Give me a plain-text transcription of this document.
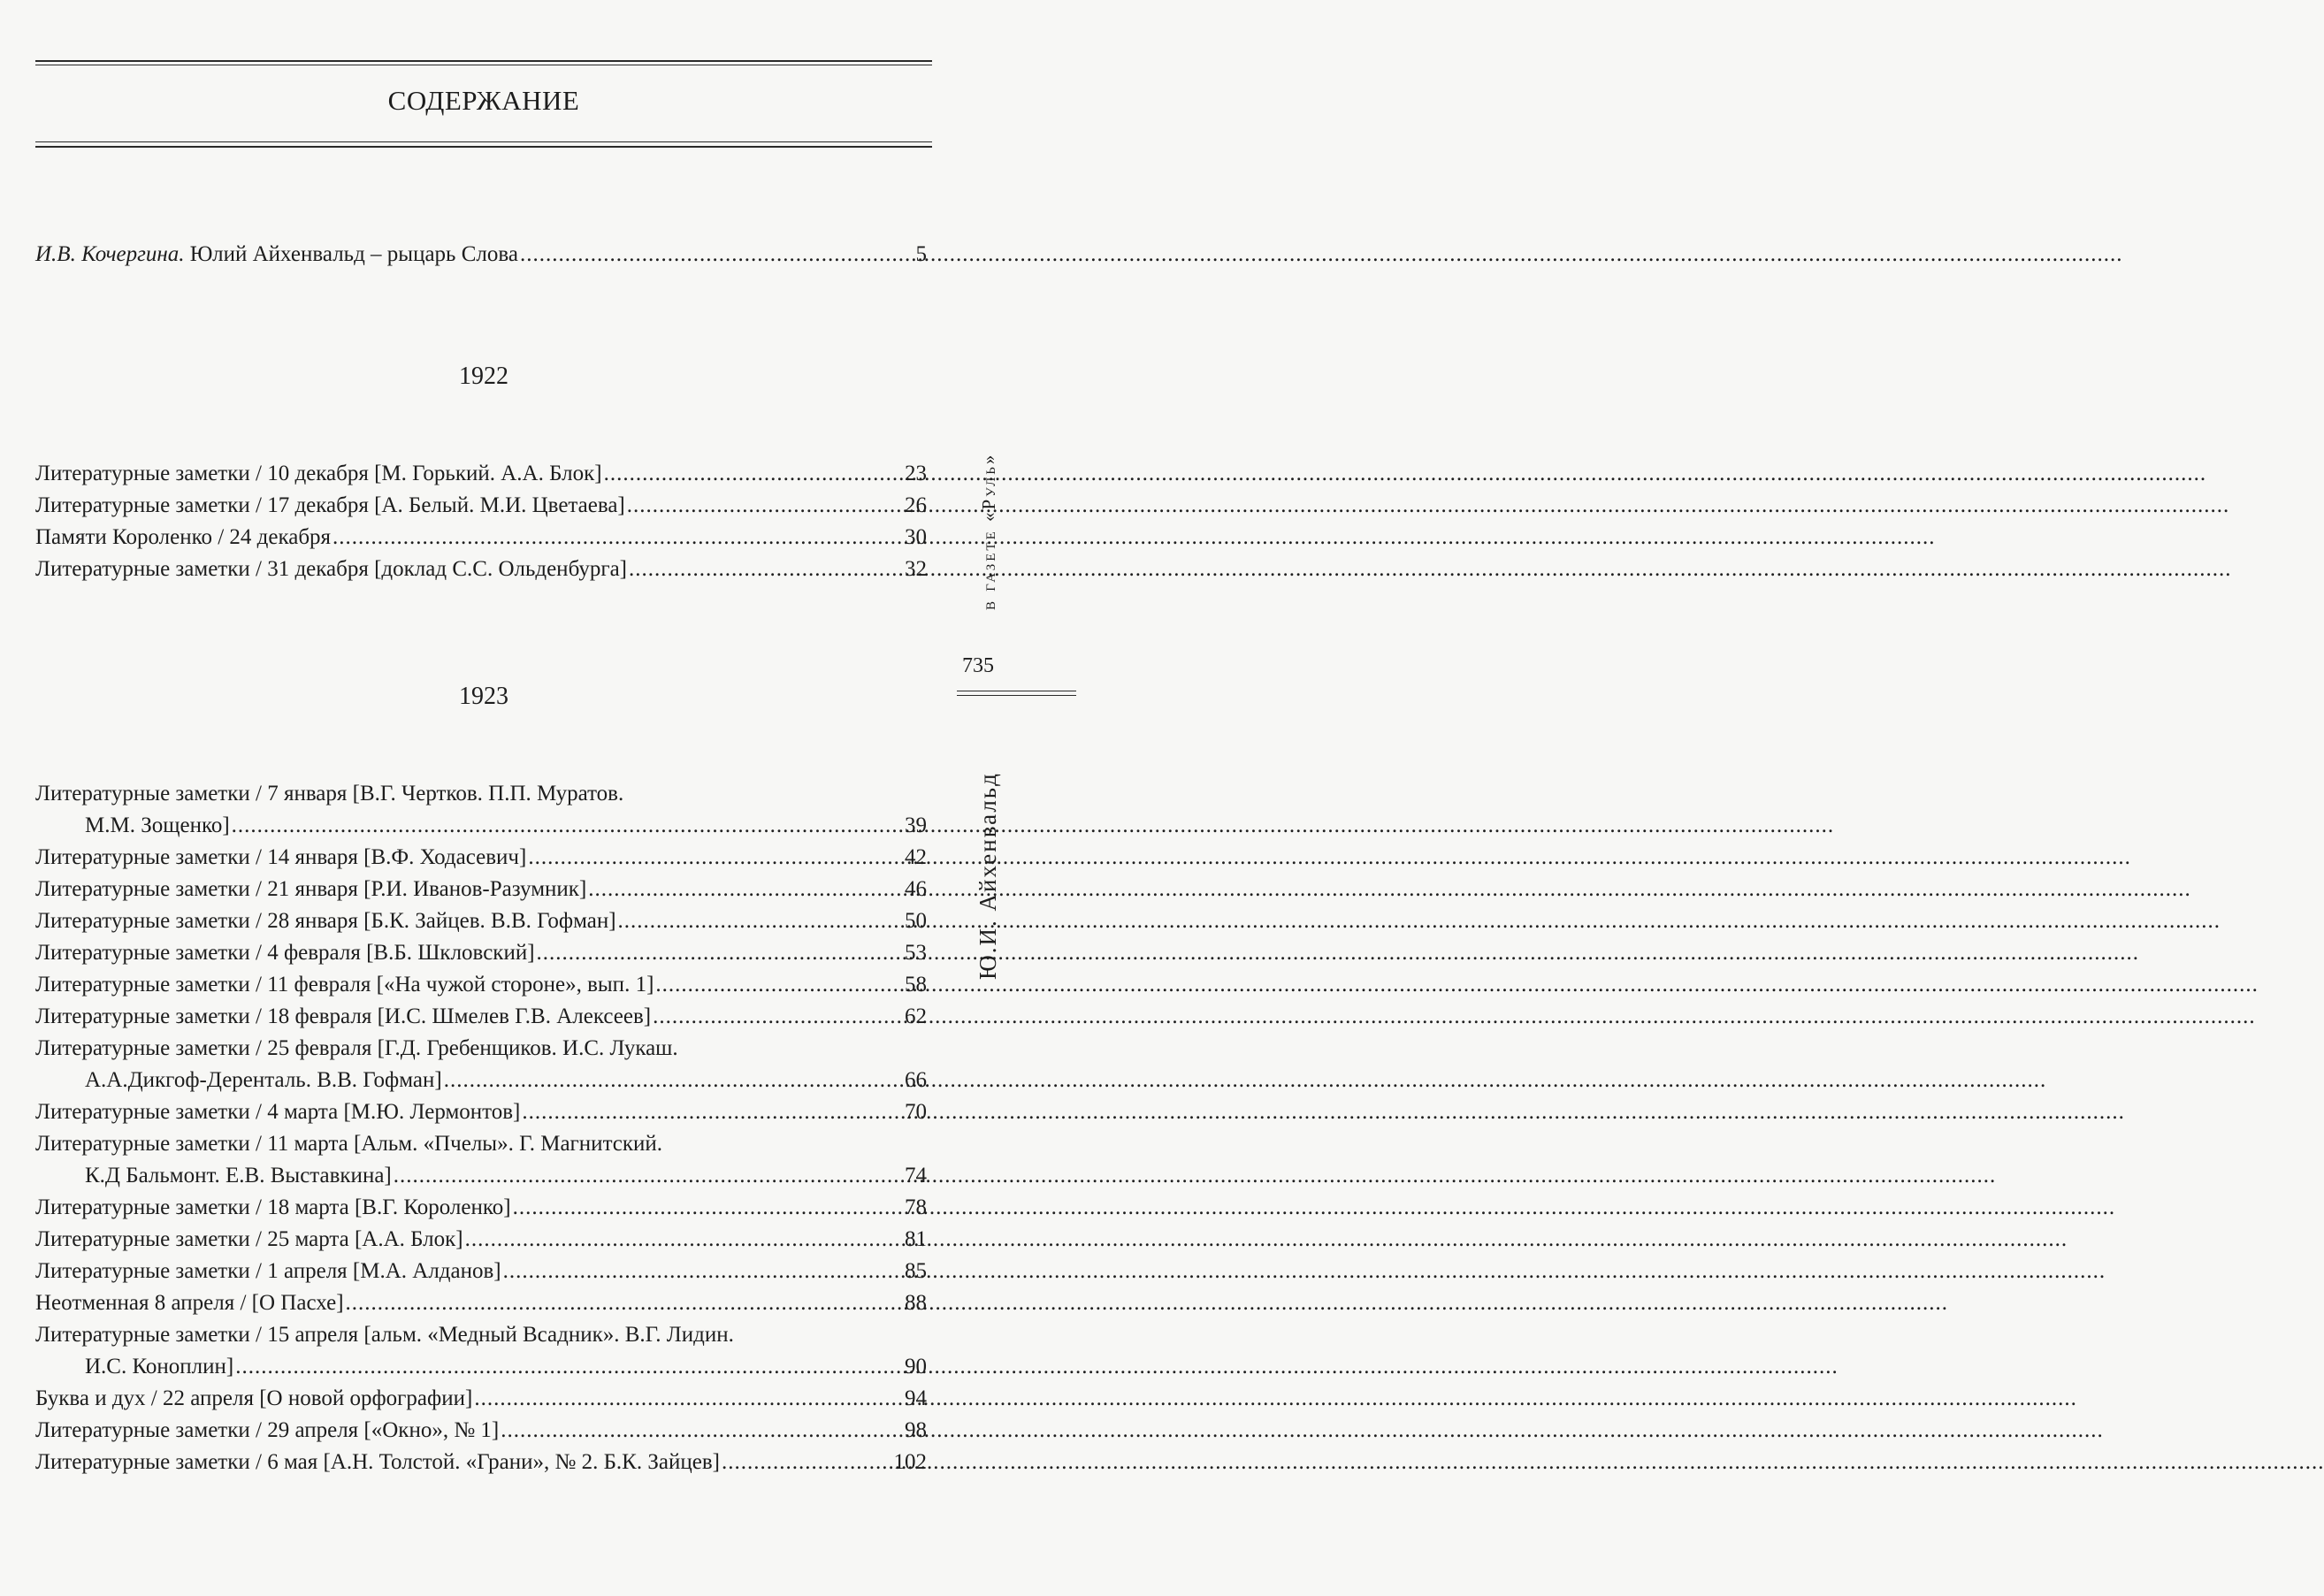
СОДЕРЖАНИЕ
И.В. Кочергина. Юлий Айхенвальд – рыцарь Слова .....	5
1922
Литературные заметки / 10 декабря [М. Горький. А.А. Блок] .....	23
Литературные заметки / 17 декабря [А. Белый. М.И. Цветаева] .....	26
Памяти Короленко / 24 декабря .....	30
Литературные заметки / 31 декабря [доклад С.С. Ольденбурга] .....	32
1923
Литературные заметки / 7 января [В.Г. Чертков. П.П. Муратов.
М.М. Зощенко] .....	39
Литературные заметки / 14 января [В.Ф. Ходасевич] .....	42
Литературные заметки / 21 января [Р.И. Иванов-Разумник] .....	46
Литературные заметки / 28 января [Б.К. Зайцев. В.В. Гофман] .....	50
Литературные заметки / 4 февраля [В.Б. Шкловский] .....	53
Литературные заметки / 11 февраля [«На чужой стороне», вып. 1] .....	58
Литературные заметки / 18 февраля [И.С. Шмелев Г.В. Алексеев] .....	62
Литературные заметки / 25 февраля [Г.Д. Гребенщиков. И.С. Лукаш.
А.А.Дикгоф-Деренталь. В.В. Гофман] .....	66
Литературные заметки / 4 марта [М.Ю. Лермонтов] .....	70
Литературные заметки / 11 марта [Альм. «Пчелы». Г. Магнитский.
К.Д Бальмонт. Е.В. Выставкина] .....	74
Литературные заметки / 18 марта [В.Г. Короленко] .....	78
Литературные заметки / 25 марта [А.А. Блок] .....	81
Литературные заметки / 1 апреля [М.А. Алданов] .....	85
Неотменная 8 апреля / [О Пасхе] .....	88
Литературные заметки / 15 апреля [альм. «Медный Всадник». В.Г. Лидин.
И.С. Коноплин] .....	90
Буква и дух / 22 апреля [О новой орфографии] .....	94
Литературные заметки / 29 апреля [«Окно», № 1] .....	98
Литературные заметки / 6 мая [А.Н. Толстой. «Грани», № 2. Б.К. Зайцев] .....	102
в газете «Руль»
735
Ю.И. Айхенвальд
